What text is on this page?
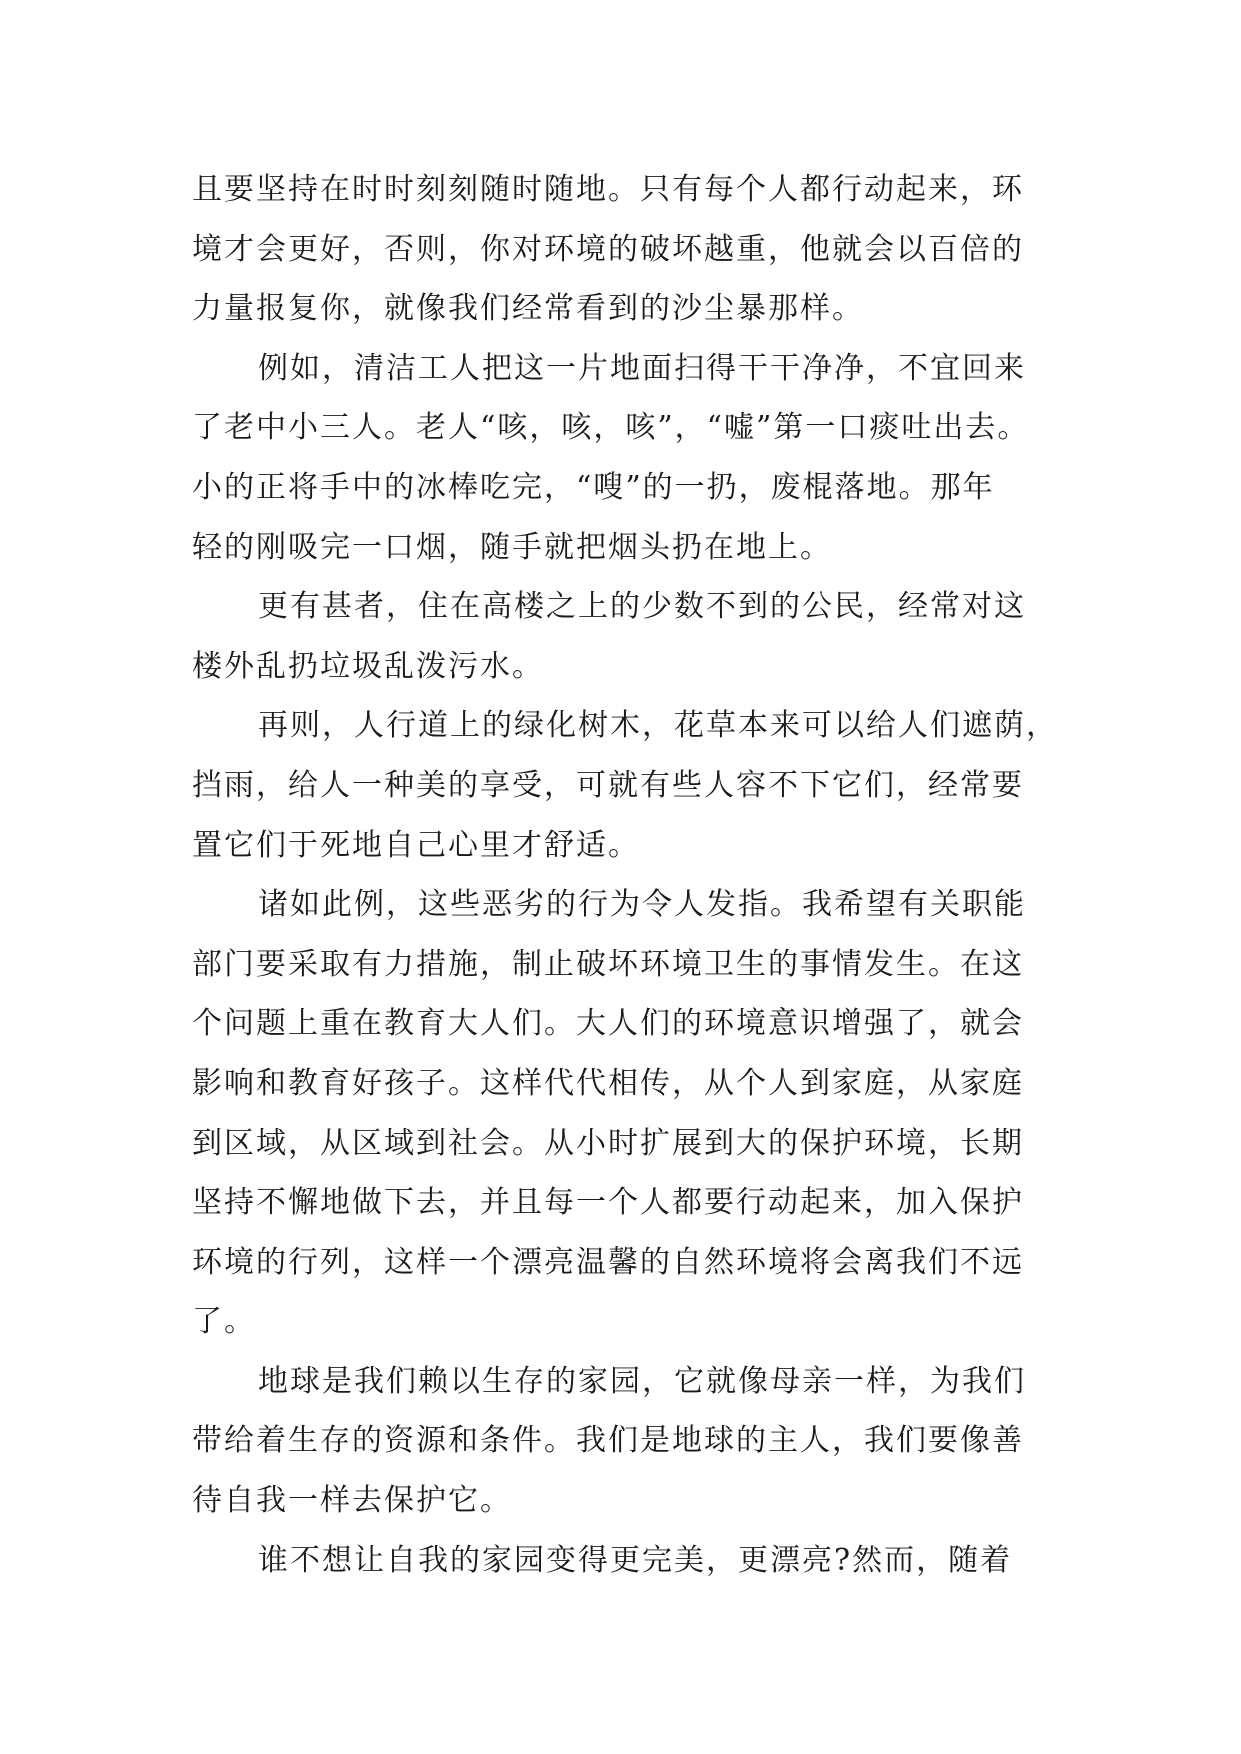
且要坚持在时时刻刻随时随地。只有每个人都行动起来，环
境才会更好，否则，你对环境的破坏越重，他就会以百倍的
力量报复你，就像我们经常看到的沙尘暴那样。
例如，清洁工人把这一片地面扫得干干净净，不宜回来
了老中小三人。老人“咳，咳，咳”，“嘘”第一口痰吐出去。
小的正将手中的冰棒吃完，“嗖”的一扔，废棍落地。那年
轻的刚吸完一口烟，随手就把烟头扔在地上。
更有甚者，住在高楼之上的少数不到的公民，经常对这
楼外乱扔垃圾乱泼污水。
再则，人行道上的绿化树木，花草本来可以给人们遮荫，
挡雨，给人一种美的享受，可就有些人容不下它们，经常要
置它们于死地自己心里才舒适。
诸如此例，这些恶劣的行为令人发指。我希望有关职能
部门要采取有力措施，制止破坏环境卫生的事情发生。在这
个问题上重在教育大人们。大人们的环境意识增强了，就会
影响和教育好孩子。这样代代相传，从个人到家庭，从家庭
到区域，从区域到社会。从小时扩展到大的保护环境，长期
坚持不懈地做下去，并且每一个人都要行动起来，加入保护
环境的行列，这样一个漂亮温馨的自然环境将会离我们不远
了。
地球是我们赖以生存的家园，它就像母亲一样，为我们
带给着生存的资源和条件。我们是地球的主人，我们要像善
待自我一样去保护它。
谁不想让自我的家园变得更完美，更漂亮?然而，随着
